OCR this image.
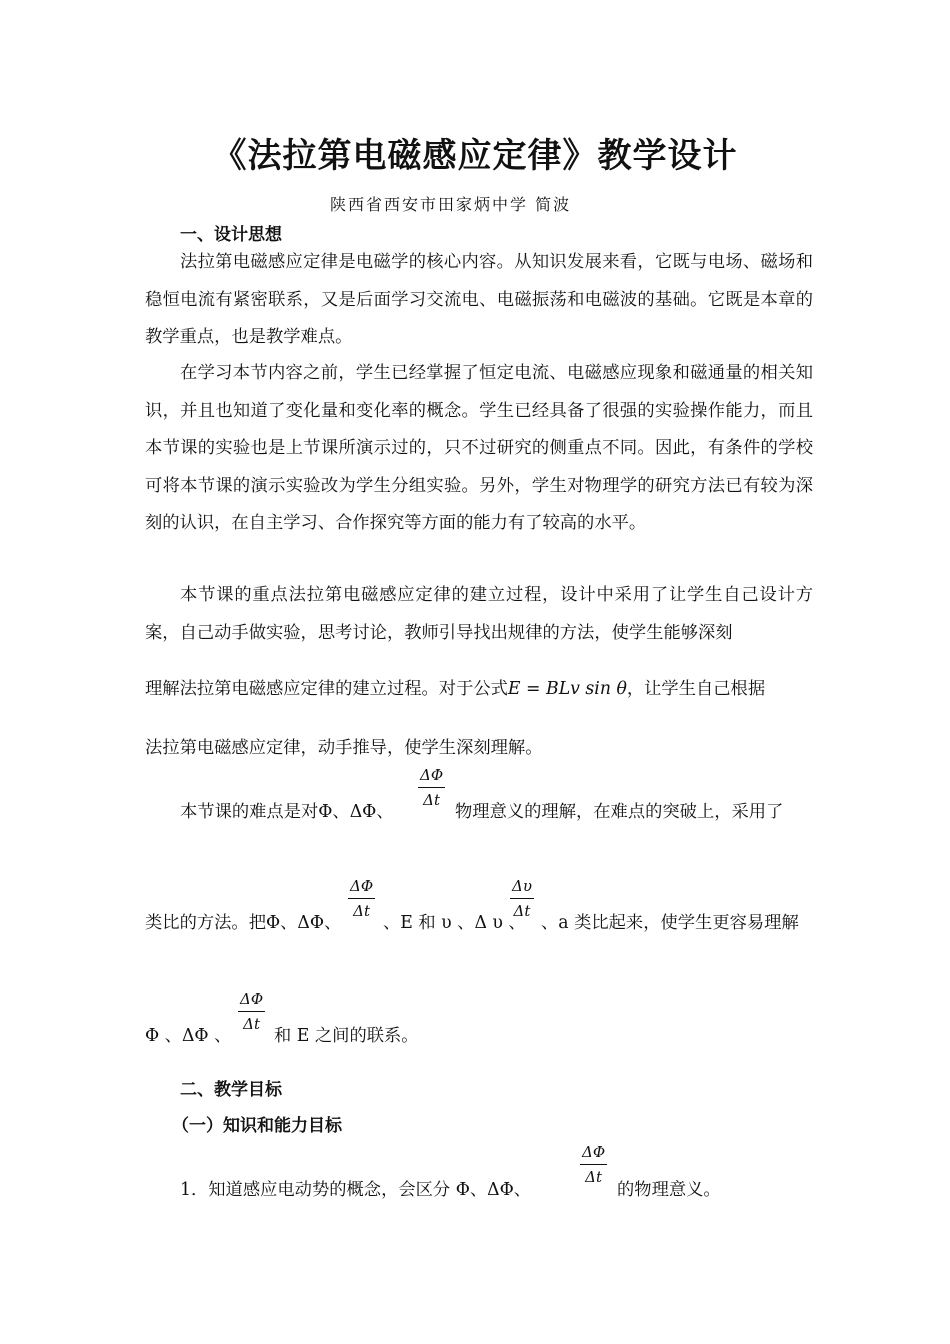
《法拉第电磁感应定律》教学设计
陕西省西安市田家炳中学 简波
一、设计思想

法拉第电磁感应定律是电磁学的核心内容。从知识发展来看，它既与电场、磁场和稳恒电流有紧密联系，又是后面学习交流电、电磁振荡和电磁波的基础。它既是本章的教学重点，也是教学难点。

在学习本节内容之前，学生已经掌握了恒定电流、电磁感应现象和磁通量的相关知识，并且也知道了变化量和变化率的概念。学生已经具备了很强的实验操作能力，而且本节课的实验也是上节课所演示过的，只不过研究的侧重点不同。因此，有条件的学校可将本节课的演示实验改为学生分组实验。另外，学生对物理学的研究方法已有较为深刻的认识，在自主学习、合作探究等方面的能力有了较高的水平。

本节课的重点法拉第电磁感应定律的建立过程，设计中采用了让学生自己设计方案，自己动手做实验，思考讨论，教师引导找出规律的方法，使学生能够深刻

理解法拉第电磁感应定律的建立过程。对于公式E = BLv sin θ，让学生自己根据
法拉第电磁感应定律，动手推导，使学生深刻理解。
本节课的难点是对Φ、ΔΦ、
$\frac{\Delta\Phi}{\Delta t}$
物理意义的理解，在难点的突破上，采用了
类比的方法。把Φ、ΔΦ、
$\frac{\Delta\Phi}{\Delta t}$
、E 和 υ 、Δ υ 、
$\frac{\Delta\upsilon}{\Delta t}$
、a 类比起来，使学生更容易理解
Φ 、ΔΦ 、
$\frac{\Delta\Phi}{\Delta t}$
和 E 之间的联系。
二、教学目标
（一）知识和能力目标
1．知道感应电动势的概念，会区分 Φ、ΔΦ、
$\frac{\Delta\Phi}{\Delta t}$
的物理意义。
